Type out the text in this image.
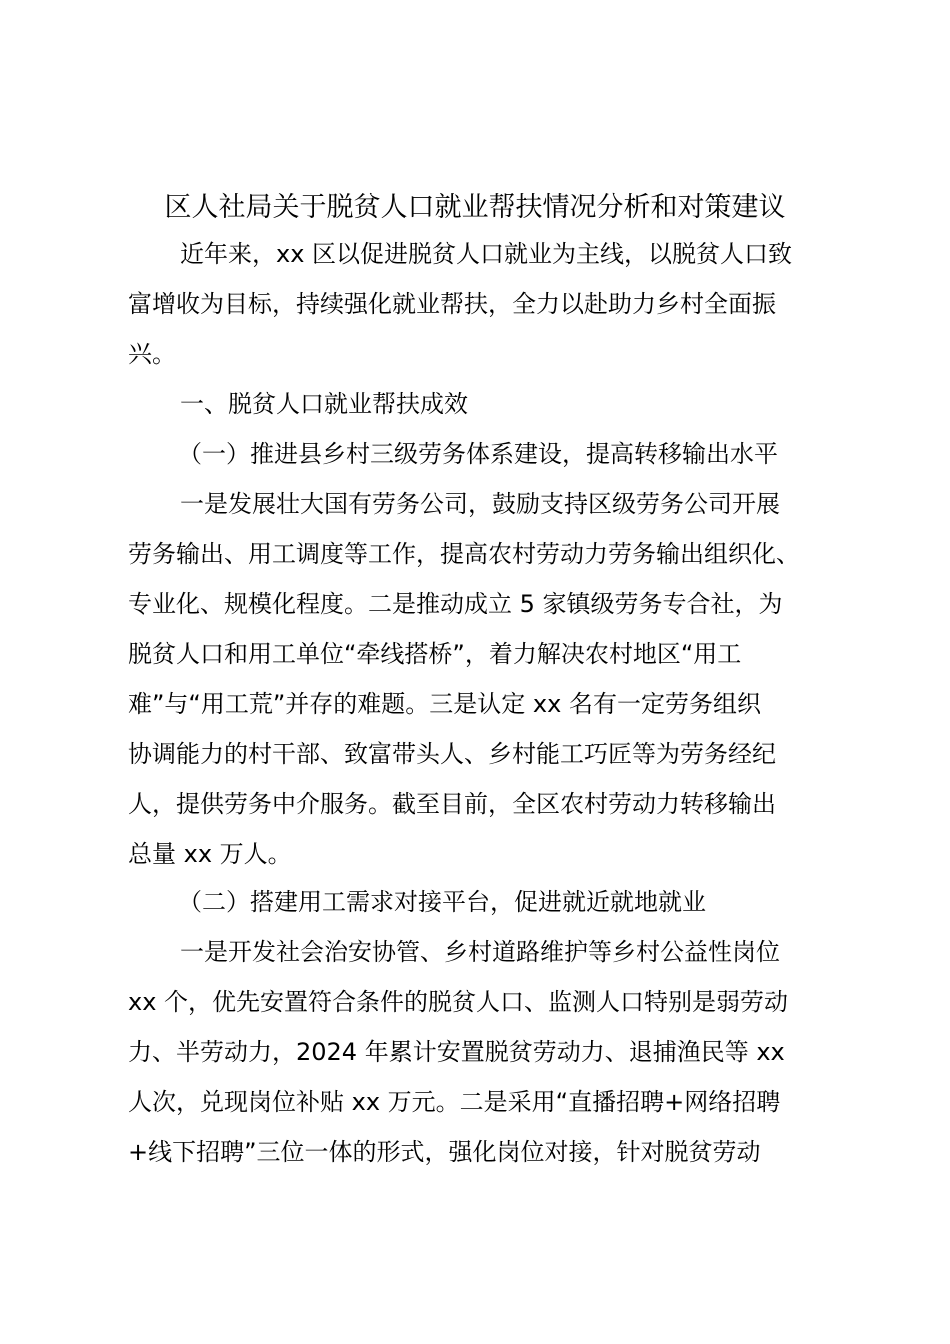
区人社局关于脱贫人口就业帮扶情况分析和对策建议
近年来，xx 区以促进脱贫人口就业为主线，以脱贫人口致
富增收为目标，持续强化就业帮扶，全力以赴助力乡村全面振
兴。
一、脱贫人口就业帮扶成效
（一）推进县乡村三级劳务体系建设，提高转移输出水平
一是发展壮大国有劳务公司，鼓励支持区级劳务公司开展
劳务输出、用工调度等工作，提高农村劳动力劳务输出组织化、
专业化、规模化程度。二是推动成立 5 家镇级劳务专合社，为
脱贫人口和用工单位“牵线搭桥”，着力解决农村地区“用工
难”与“用工荒”并存的难题。三是认定 xx 名有一定劳务组织
协调能力的村干部、致富带头人、乡村能工巧匠等为劳务经纪
人，提供劳务中介服务。截至目前，全区农村劳动力转移输出
总量 xx 万人。
（二）搭建用工需求对接平台，促进就近就地就业
一是开发社会治安协管、乡村道路维护等乡村公益性岗位
xx 个，优先安置符合条件的脱贫人口、监测人口特别是弱劳动
力、半劳动力，2024 年累计安置脱贫劳动力、退捕渔民等 xx
人次，兑现岗位补贴 xx 万元。二是采用“直播招聘+网络招聘
+线下招聘”三位一体的形式，强化岗位对接，针对脱贫劳动
